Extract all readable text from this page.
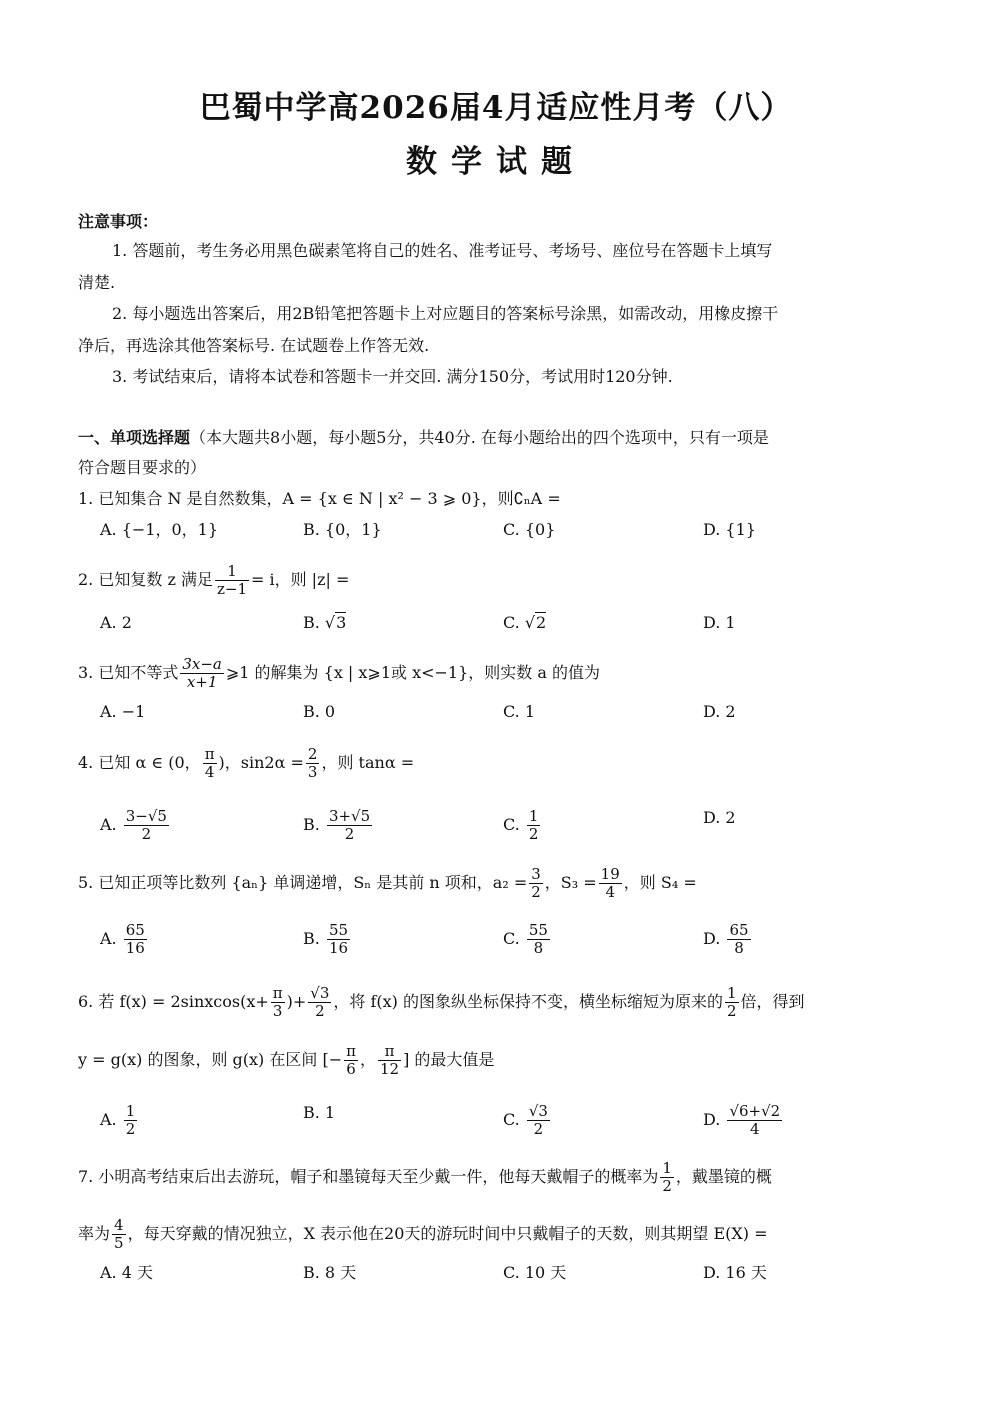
巴蜀中学高2026届4月适应性月考（八）
数学试题
注意事项：
1. 答题前，考生务必用黑色碳素笔将自己的姓名、准考证号、考场号、座位号在答题卡上填写
清楚.
2. 每小题选出答案后，用2B铅笔把答题卡上对应题目的答案标号涂黑，如需改动，用橡皮擦干
净后，再选涂其他答案标号. 在试题卷上作答无效.
3. 考试结束后，请将本试卷和答题卡一并交回. 满分150分，考试用时120分钟.
一、单项选择题（本大题共8小题，每小题5分，共40分. 在每小题给出的四个选项中，只有一项是
符合题目要求的）
1. 已知集合 N 是自然数集，A = {x ∈ N | x² − 3 ⩾ 0}，则∁ₙA =
A. {−1，0，1}	B. {0，1}	C. {0}	D. {1}
2. 已知复数 z 满足 $\frac{1}{z-1} = i$，则 |z| =
A. 2	B. √3	C. √2	D. 1
3. 已知不等式 $\frac{3x-a}{x+1}$ ⩾1 的解集为 {x | x⩾1或 x<−1}，则实数 a 的值为
A. −1	B. 0	C. 1	D. 2
4. 已知 α ∈ (0， $\frac{\pi}{4}$ )，$\sin 2\alpha = \frac{2}{3}$ ，则 tanα =
A. $\frac{3-√5}{2}$	B. $\frac{3+√5}{2}$	C. $\frac{1}{2}$	D. 2
5. 已知正项等比数列 {aₙ} 单调递增，Sₙ 是其前 n 项和，$a_2 = \frac{3}{2}$ ，$S_3 = \frac{19}{4}$ ，则 S₄ =
A. $\frac{65}{16}$	B. $\frac{55}{16}$	C. $\frac{55}{8}$	D. $\frac{65}{8}$
6. 若 f(x) = 2sinxcos(x+ $\frac{\pi}{3}$ )+ $\frac{√3}{2}$ ，将 f(x) 的图象纵坐标保持不变，横坐标缩短为原来的 $\frac{1}{2}$ 倍，得到
y = g(x) 的图象，则 g(x) 在区间 [− $\frac{\pi}{6}$ ， $\frac{\pi}{12}$ ] 的最大值是
A. $\frac{1}{2}$	B. 1	C. $\frac{√3}{2}$	D. $\frac{√6+√2}{4}$
7. 小明高考结束后出去游玩，帽子和墨镜每天至少戴一件，他每天戴帽子的概率为 $\frac{1}{2}$ ，戴墨镜的概
率为 $\frac{4}{5}$ ，每天穿戴的情况独立，X 表示他在20天的游玩时间中只戴帽子的天数，则其期望 E(X) =
A. 4 天	B. 8 天	C. 10 天	D. 16 天
